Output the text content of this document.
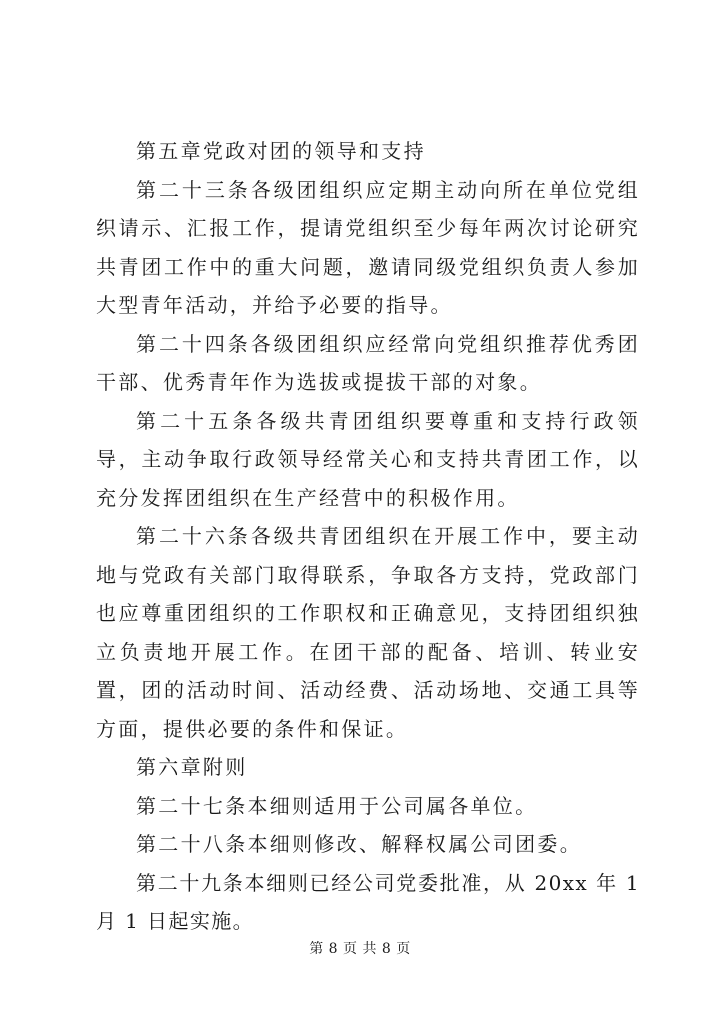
第五章党政对团的领导和支持

第二十三条各级团组织应定期主动向所在单位党组织请示、汇报工作，提请党组织至少每年两次讨论研究共青团工作中的重大问题，邀请同级党组织负责人参加大型青年活动，并给予必要的指导。

第二十四条各级团组织应经常向党组织推荐优秀团干部、优秀青年作为选拔或提拔干部的对象。

第二十五条各级共青团组织要尊重和支持行政领导，主动争取行政领导经常关心和支持共青团工作，以充分发挥团组织在生产经营中的积极作用。

第二十六条各级共青团组织在开展工作中，要主动地与党政有关部门取得联系，争取各方支持，党政部门也应尊重团组织的工作职权和正确意见，支持团组织独立负责地开展工作。在团干部的配备、培训、转业安置，团的活动时间、活动经费、活动场地、交通工具等方面，提供必要的条件和保证。

第六章附则

第二十七条本细则适用于公司属各单位。

第二十八条本细则修改、解释权属公司团委。

第二十九条本细则已经公司党委批准，从 20xx 年 1 月 1 日起实施。

第 8 页 共 8 页
